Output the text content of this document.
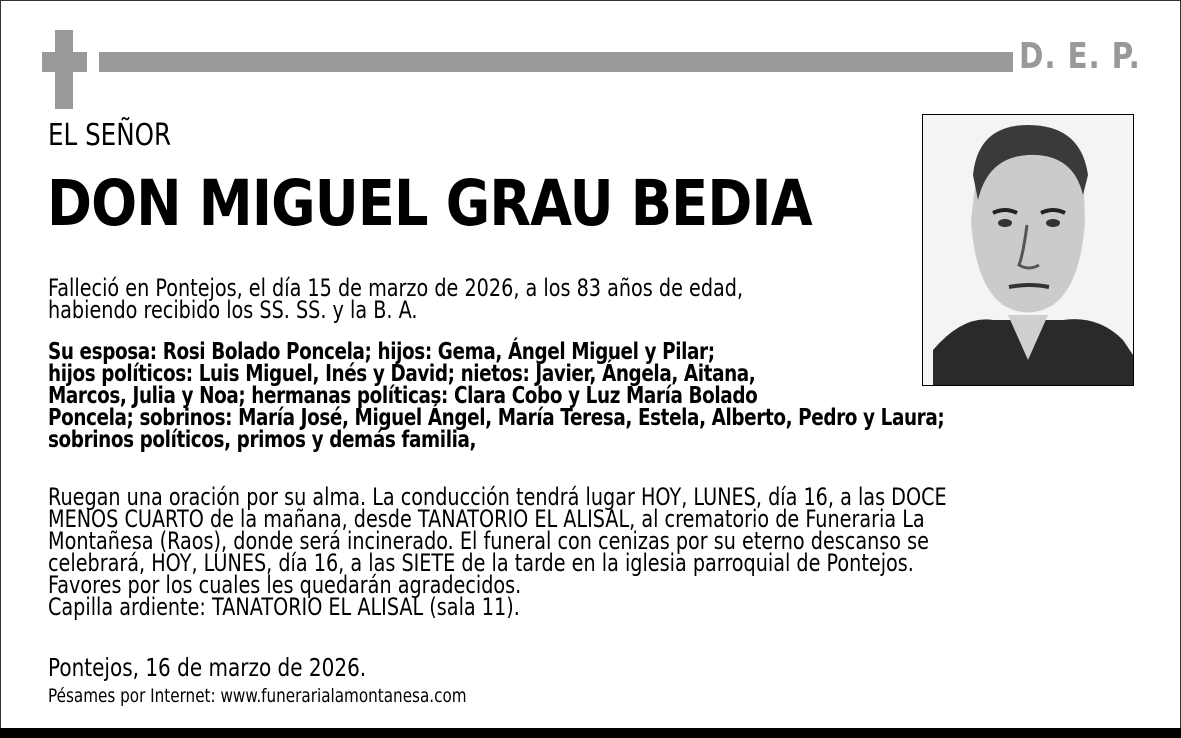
D. E. P.
EL SEÑOR
DON MIGUEL GRAU BEDIA
Falleció en Pontejos, el día 15 de marzo de 2026, a los 83 años de edad,
habiendo recibido los SS. SS. y la B. A.
Su esposa: Rosi Bolado Poncela; hijos: Gema, Ángel Miguel y Pilar;
hijos políticos: Luis Miguel, Inés y David; nietos: Javier, Ángela, Aitana,
Marcos, Julia y Noa; hermanas políticas: Clara Cobo y Luz María Bolado
Poncela; sobrinos: María José, Miguel Ángel, María Teresa, Estela, Alberto, Pedro y Laura;
sobrinos políticos, primos y demás familia,
Ruegan una oración por su alma. La conducción tendrá lugar HOY, LUNES, día 16, a las DOCE
MENOS CUARTO de la mañana, desde TANATORIO EL ALISAL, al crematorio de Funeraria La
Montañesa (Raos), donde será incinerado. El funeral con cenizas por su eterno descanso se
celebrará, HOY, LUNES, día 16, a las SIETE de la tarde en la iglesia parroquial de Pontejos.
Favores por los cuales les quedarán agradecidos.
Capilla ardiente: TANATORIO EL ALISAL (sala 11).
Pontejos, 16 de marzo de 2026.
Pésames por Internet: www.funerarialamontanesa.com
